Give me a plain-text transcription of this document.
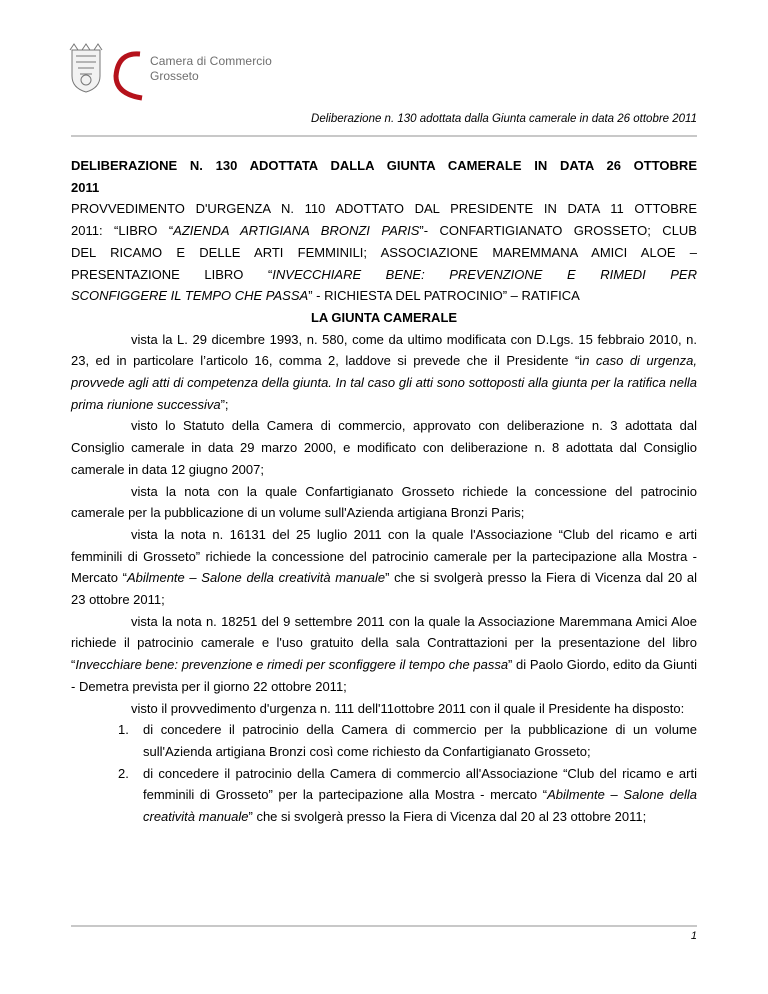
Camera di Commercio
Grosseto
Deliberazione n. 130 adottata dalla Giunta camerale in data 26 ottobre 2011

DELIBERAZIONE N. 130 ADOTTATA DALLA GIUNTA CAMERALE IN DATA 26 OTTOBRE

2011

PROVVEDIMENTO D'URGENZA N. 110 ADOTTATO DAL PRESIDENTE IN DATA 11 OTTOBRE

2011: “LIBRO “AZIENDA ARTIGIANA BRONZI PARIS”- CONFARTIGIANATO GROSSETO; CLUB

DEL RICAMO E DELLE ARTI FEMMINILI; ASSOCIAZIONE MAREMMANA AMICI ALOE –

PRESENTAZIONE LIBRO “INVECCHIARE BENE: PREVENZIONE E RIMEDI PER

SCONFIGGERE IL TEMPO CHE PASSA” - RICHIESTA DEL PATROCINIO” – RATIFICA

LA GIUNTA CAMERALE

vista la L. 29 dicembre 1993, n. 580, come da ultimo modificata con D.Lgs. 15 febbraio 2010, n. 23, ed in particolare l’articolo 16, comma 2, laddove si prevede che il Presidente “in caso di urgenza, provvede agli atti di competenza della giunta. In tal caso gli atti sono sottoposti alla giunta per la ratifica nella prima riunione successiva”;

visto lo Statuto della Camera di commercio, approvato con deliberazione n. 3 adottata dal Consiglio camerale in data 29 marzo 2000, e modificato con deliberazione n. 8 adottata dal Consiglio camerale in data 12 giugno 2007;

vista la nota con la quale Confartigianato Grosseto richiede la concessione del patrocinio camerale per la pubblicazione di un volume sull'Azienda artigiana Bronzi Paris;

vista la nota n. 16131 del 25 luglio 2011 con la quale l'Associazione “Club del ricamo e arti femminili di Grosseto” richiede la concessione del patrocinio camerale per la partecipazione alla Mostra - Mercato “Abilmente – Salone della creatività manuale” che si svolgerà presso la Fiera di Vicenza dal 20 al 23 ottobre 2011;

vista la nota n. 18251 del 9 settembre 2011 con la quale la Associazione Maremmana Amici Aloe richiede il patrocinio camerale e l'uso gratuito della sala Contrattazioni per la presentazione del libro “Invecchiare bene: prevenzione e rimedi per sconfiggere il tempo che passa” di Paolo Giordo, edito da Giunti - Demetra prevista per il giorno 22 ottobre 2011;

visto il provvedimento d'urgenza n. 111 dell'11ottobre 2011 con il quale il Presidente ha disposto:

1. di concedere il patrocinio della Camera di commercio per la pubblicazione di un volume sull'Azienda artigiana Bronzi così come richiesto da Confartigianato Grosseto;
2. di concedere il patrocinio della Camera di commercio all'Associazione “Club del ricamo e arti femminili di Grosseto” per la partecipazione alla Mostra - mercato “Abilmente – Salone della creatività manuale” che si svolgerà presso la Fiera di Vicenza dal 20 al 23 ottobre 2011;
1
